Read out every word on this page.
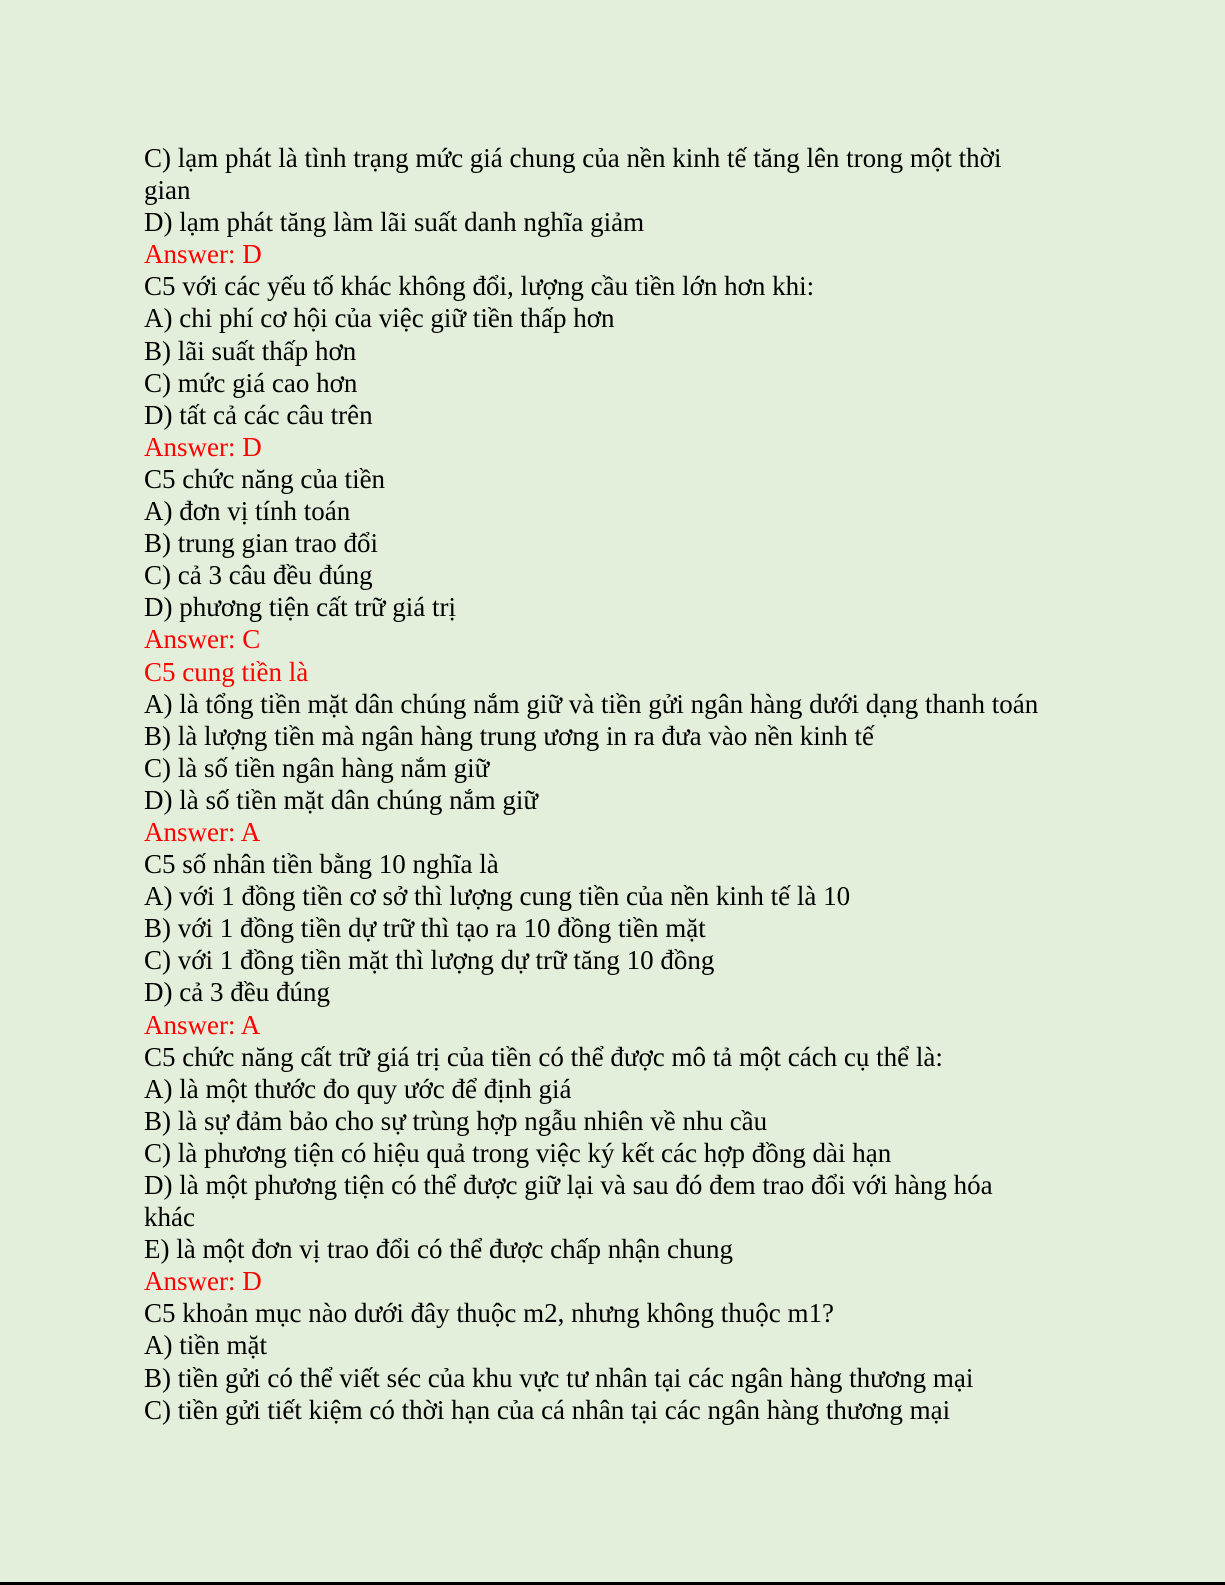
C) lạm phát là tình trạng mức giá chung của nền kinh tế tăng lên trong một thời
gian
D) lạm phát tăng làm lãi suất danh nghĩa giảm
Answer: D
C5 với các yếu tố khác không đổi, lượng cầu tiền lớn hơn khi:
A) chi phí cơ hội của việc giữ tiền thấp hơn
B) lãi suất thấp hơn
C) mức giá cao hơn
D) tất cả các câu trên
Answer: D
C5 chức năng của tiền
A) đơn vị tính toán
B) trung gian trao đổi
C) cả 3 câu đều đúng
D) phương tiện cất trữ giá trị
Answer: C
C5 cung tiền là
A) là tổng tiền mặt dân chúng nắm giữ và tiền gửi ngân hàng dưới dạng thanh toán
B) là lượng tiền mà ngân hàng trung ương in ra đưa vào nền kinh tế
C) là số tiền ngân hàng nắm giữ
D) là số tiền mặt dân chúng nắm giữ
Answer: A
C5 số nhân tiền bằng 10 nghĩa là
A) với 1 đồng tiền cơ sở thì lượng cung tiền của nền kinh tế là 10
B) với 1 đồng tiền dự trữ thì tạo ra 10 đồng tiền mặt
C) với 1 đồng tiền mặt thì lượng dự trữ tăng 10 đồng
D) cả 3 đều đúng
Answer: A
C5 chức năng cất trữ giá trị của tiền có thể được mô tả một cách cụ thể là:
A) là một thước đo quy ước để định giá
B) là sự đảm bảo cho sự trùng hợp ngẫu nhiên về nhu cầu
C) là phương tiện có hiệu quả trong việc ký kết các hợp đồng dài hạn
D) là một phương tiện có thể được giữ lại và sau đó đem trao đổi với hàng hóa
khác
E) là một đơn vị trao đổi có thể được chấp nhận chung
Answer: D
C5 khoản mục nào dưới đây thuộc m2, nhưng không thuộc m1?
A) tiền mặt
B) tiền gửi có thể viết séc của khu vực tư nhân tại các ngân hàng thương mại
C) tiền gửi tiết kiệm có thời hạn của cá nhân tại các ngân hàng thương mại
